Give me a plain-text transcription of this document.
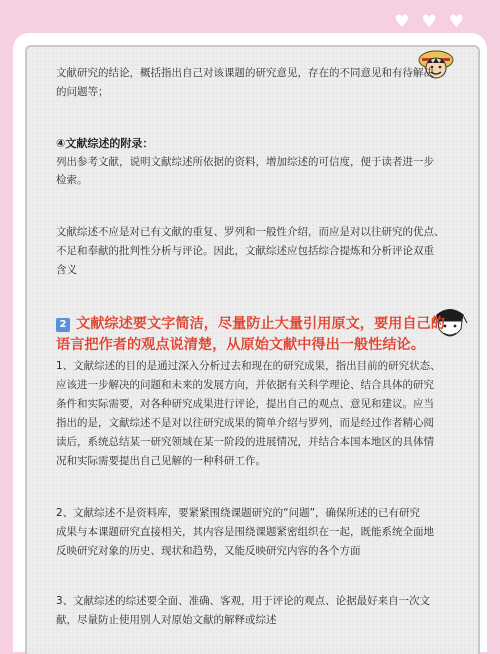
♥ ♥ ♥
文献研究的结论，概括指出自己对该课题的研究意见，存在的不同意见和有待解决
的问题等；
④文献综述的附录：
列出参考文献，说明文献综述所依据的资料，增加综述的可信度，便于读者进一步
检索。
文献综述不应是对已有文献的重复、罗列和一般性介绍，而应是对以往研究的优点、
不足和奉献的批判性分析与评论。因此，文献综述应包括综合提炼和分析评论双重
含义
2 文献综述要文字简洁，尽量防止大量引用原文，要用自己的
语言把作者的观点说清楚，从原始文献中得出一般性结论。
1、文献综述的目的是通过深入分析过去和现在的研究成果，指出目前的研究状态、
应该进一步解决的问题和未来的发展方向，并依据有关科学理论、结合具体的研究
条件和实际需要，对各种研究成果进行评论，提出自己的观点、意见和建议。应当
指出的是，文献综述不是对以往研究成果的简单介绍与罗列，而是经过作者精心阅
读后，系统总结某一研究领域在某一阶段的进展情况，并结合本国本地区的具体情
况和实际需要提出自己见解的一种科研工作。
2、文献综述不是资料库，要紧紧围绕课题研究的“问题”，确保所述的已有研究
成果与本课题研究直接相关，其内容是围绕课题紧密组织在一起，既能系统全面地
反映研究对象的历史、现状和趋势，又能反映研究内容的各个方面
3、文献综述的综述要全面、准确、客观，用于评论的观点、论据最好来自一次文
献，尽量防止使用别人对原始文献的解释或综述
